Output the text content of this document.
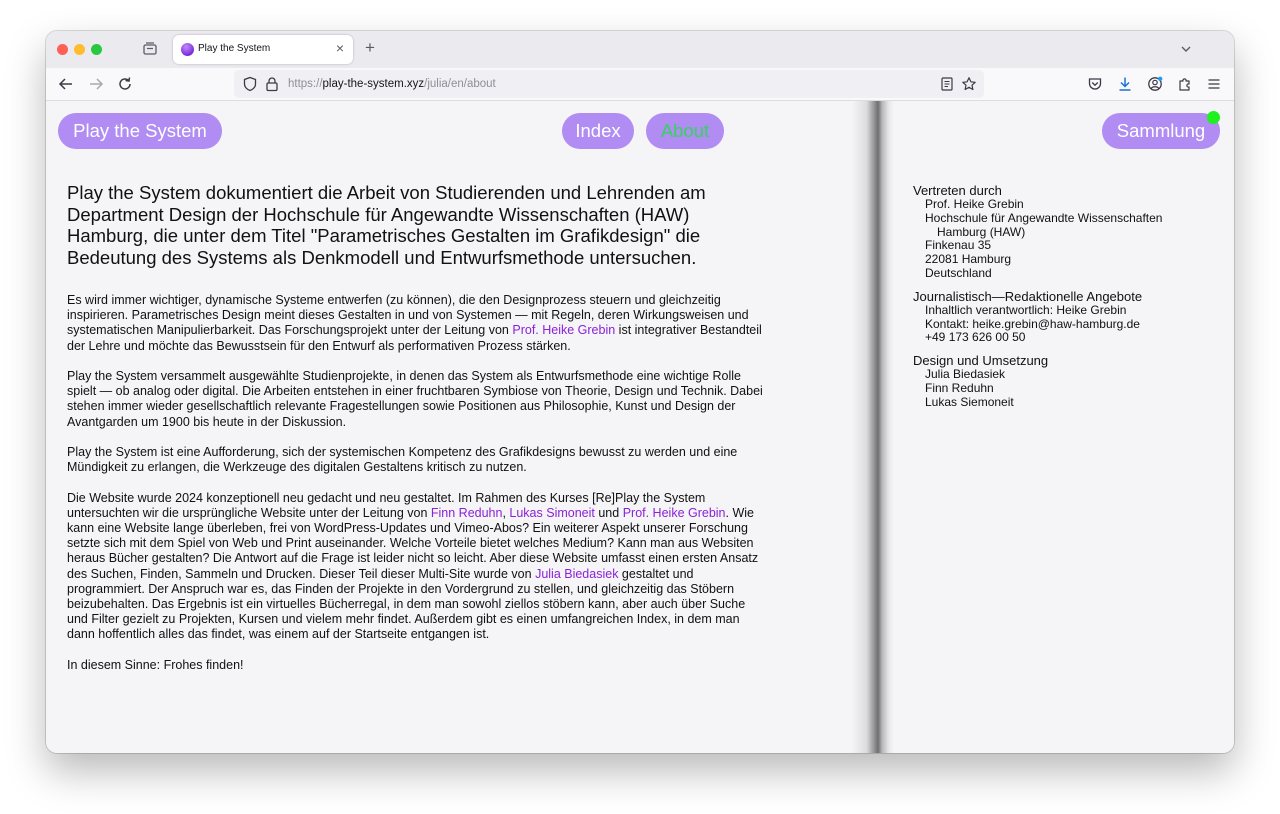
Play the System	× +
https://play-the-system.xyz/julia/en/about
Play the System	Index	About
Play the System dokumentiert die Arbeit von Studierenden und Lehrenden am Department Design der Hochschule für Angewandte Wissenschaften (HAW) Hamburg, die unter dem Titel "Parametrisches Gestalten im Grafikdesign" die Bedeutung des Systems als Denkmodell und Entwurfsmethode untersuchen.

Es wird immer wichtiger, dynamische Systeme entwerfen (zu können), die den Designprozess steuern und gleichzeitig inspirieren. Parametrisches Design meint dieses Gestalten in und von Systemen — mit Regeln, deren Wirkungsweisen und systematischen Manipulierbarkeit. Das Forschungsprojekt unter der Leitung von Prof. Heike Grebin ist integrativer Bestandteil der Lehre und möchte das Bewusstsein für den Entwurf als performativen Prozess stärken.

Play the System versammelt ausgewählte Studienprojekte, in denen das System als Entwurfsmethode eine wichtige Rolle spielt — ob analog oder digital. Die Arbeiten entstehen in einer fruchtbaren Symbiose von Theorie, Design und Technik. Dabei stehen immer wieder gesellschaftlich relevante Fragestellungen sowie Positionen aus Philosophie, Kunst und Design der Avantgarden um 1900 bis heute in der Diskussion.

Play the System ist eine Aufforderung, sich der systemischen Kompetenz des Grafikdesigns bewusst zu werden und eine Mündigkeit zu erlangen, die Werkzeuge des digitalen Gestaltens kritisch zu nutzen.

Die Website wurde 2024 konzeptionell neu gedacht und neu gestaltet. Im Rahmen des Kurses [Re]Play the System untersuchten wir die ursprüngliche Website unter der Leitung von Finn Reduhn, Lukas Simoneit und Prof. Heike Grebin. Wie kann eine Website lange überleben, frei von WordPress-Updates und Vimeo-Abos? Ein weiterer Aspekt unserer Forschung setzte sich mit dem Spiel von Web und Print auseinander. Welche Vorteile bietet welches Medium? Kann man aus Websiten heraus Bücher gestalten? Die Antwort auf die Frage ist leider nicht so leicht. Aber diese Website umfasst einen ersten Ansatz des Suchen, Finden, Sammeln und Drucken. Dieser Teil dieser Multi-Site wurde von Julia Biedasiek gestaltet und programmiert. Der Anspruch war es, das Finden der Projekte in den Vordergrund zu stellen, und gleichzeitig das Stöbern beizubehalten. Das Ergebnis ist ein virtuelles Bücherregal, in dem man sowohl ziellos stöbern kann, aber auch über Suche und Filter gezielt zu Projekten, Kursen und vielem mehr findet. Außerdem gibt es einen umfangreichen Index, in dem man dann hoffentlich alles das findet, was einem auf der Startseite entgangen ist.

In diesem Sinne: Frohes finden!

Sammlung
Vertreten durch
Prof. Heike Grebin
Hochschule für Angewandte Wissenschaften
Hamburg (HAW)
Finkenau 35
22081 Hamburg
Deutschland
Journalistisch—Redaktionelle Angebote
Inhaltlich verantwortlich: Heike Grebin
Kontakt: heike.grebin@haw-hamburg.de
+49 173 626 00 50
Design und Umsetzung
Julia Biedasiek
Finn Reduhn
Lukas Siemoneit
